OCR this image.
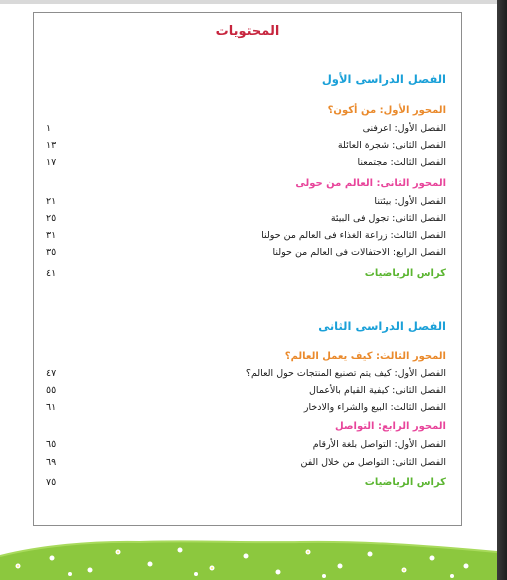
المحتويات
الفصل الدراسى الأول
المحور الأول: من أكون؟
الفصل الأول: اعرفنى
١
الفصل الثانى: شجرة العائلة
١٣
الفصل الثالث: مجتمعنا
١٧
المحور الثانى: العالم من حولى
الفصل الأول: بيئتنا
٢١
الفصل الثانى: تجول فى البيئة
٢٥
الفصل الثالث: زراعة الغذاء فى العالم من حولنا
٣١
الفصل الرابع: الاحتفالات فى العالم من حولنا
٣٥
كراس الرياضيات
٤١
الفصل الدراسى الثانى
المحور الثالث: كيف يعمل العالم؟
الفصل الأول: كيف يتم تصنيع المنتجات حول العالم؟
٤٧
الفصل الثانى: كيفية القيام بالأعمال
٥٥
الفصل الثالث: البيع والشراء والادخار
٦١
المحور الرابع: التواصل
الفصل الأول: التواصل بلغة الأرقام
٦٥
الفصل الثانى: التواصل من خلال الفن
٦٩
كراس الرياضيات
٧٥
